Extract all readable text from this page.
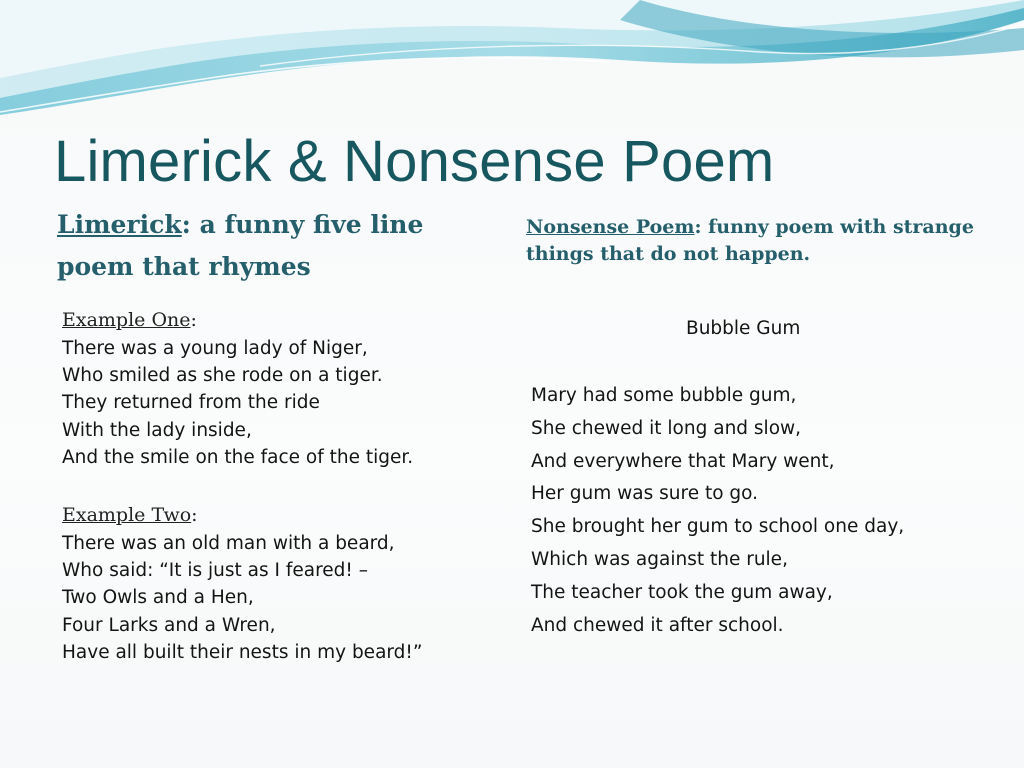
Limerick & Nonsense Poem
Limerick: a funny five line poem that rhymes
Nonsense Poem: funny poem with strange things that do not happen.

Example One:

There was a young lady of Niger,
Who smiled as she rode on a tiger.
They returned from the ride
With the lady inside,
And the smile on the face of the tiger.

Example Two:

There was an old man with a beard,
Who said: “It is just as I feared! –
Two Owls and a Hen,
Four Larks and a Wren,
Have all built their nests in my beard!”

Bubble Gum

Mary had some bubble gum,
She chewed it long and slow,
And everywhere that Mary went,
Her gum was sure to go.
She brought her gum to school one day,
Which was against the rule,
The teacher took the gum away,
And chewed it after school.
